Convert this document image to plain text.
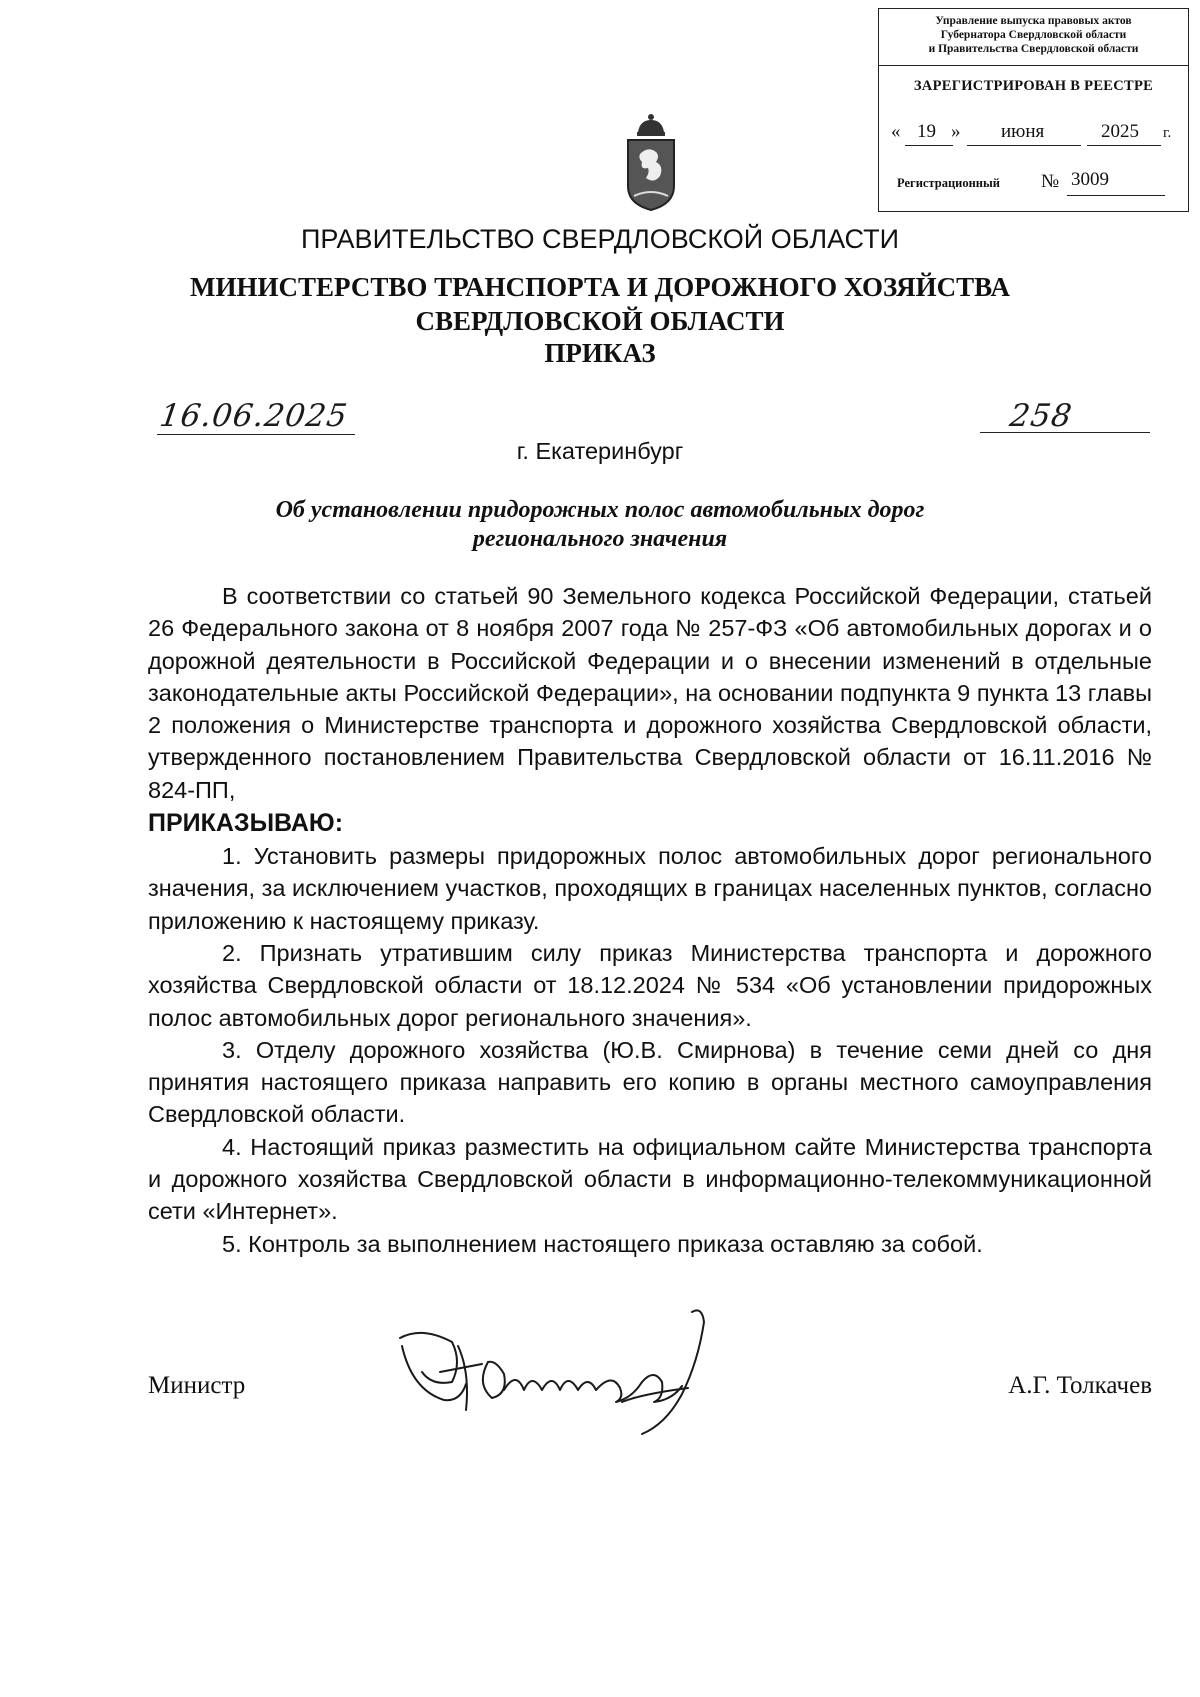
Управление выпуска правовых актов
Губернатора Свердловской области
и Правительства Свердловской области
ЗАРЕГИСТРИРОВАН В РЕЕСТРЕ
« 19 » июня	2025 г.
Регистрационный № 3009
ПРАВИТЕЛЬСТВО СВЕРДЛОВСКОЙ ОБЛАСТИ
МИНИСТЕРСТВО ТРАНСПОРТА И ДОРОЖНОГО ХОЗЯЙСТВА
СВЕРДЛОВСКОЙ ОБЛАСТИ
ПРИКАЗ
16.06.2025	258
г. Екатеринбург
Об установлении придорожных полос автомобильных дорог
регионального значения

В соответствии со статьей 90 Земельного кодекса Российской Федерации, статьей 26 Федерального закона от 8 ноября 2007 года № 257-ФЗ «Об автомобильных дорогах и о дорожной деятельности в Российской Федерации и о внесении изменений в отдельные законодательные акты Российской Федерации», на основании подпункта 9 пункта 13 главы 2 положения о Министерстве транспорта и дорожного хозяйства Свердловской области, утвержденного постановлением Правительства Свердловской области от 16.11.2016 № 824-ПП,

ПРИКАЗЫВАЮ:

1. Установить размеры придорожных полос автомобильных дорог регионального значения, за исключением участков, проходящих в границах населенных пунктов, согласно приложению к настоящему приказу.

2. Признать утратившим силу приказ Министерства транспорта и дорожного хозяйства Свердловской области от 18.12.2024 № 534 «Об установлении придорожных полос автомобильных дорог регионального значения».

3. Отделу дорожного хозяйства (Ю.В. Смирнова) в течение семи дней со дня принятия настоящего приказа направить его копию в органы местного самоуправления Свердловской области.

4. Настоящий приказ разместить на официальном сайте Министерства транспорта и дорожного хозяйства Свердловской области в информационно-телекоммуникационной сети «Интернет».

5. Контроль за выполнением настоящего приказа оставляю за собой.

Министр	А.Г. Толкачев
